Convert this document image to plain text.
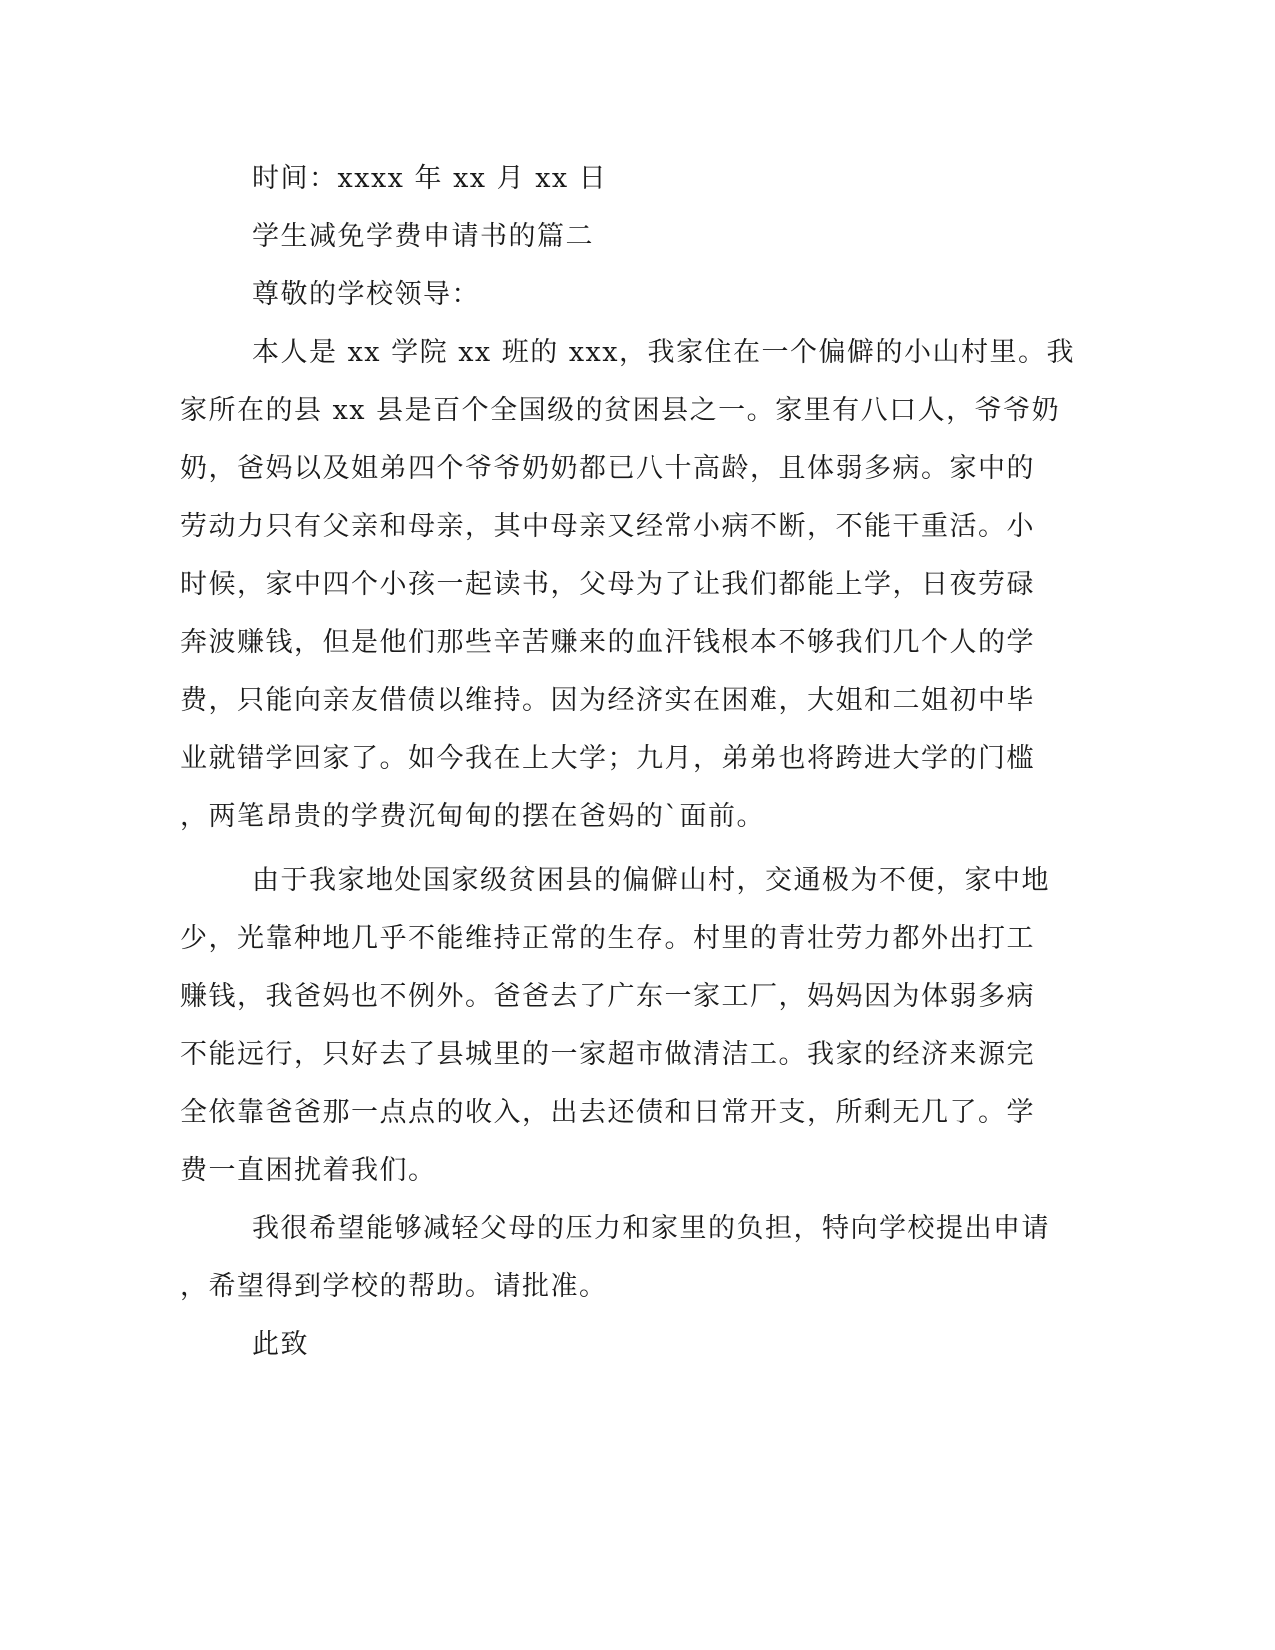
时间：xxxx 年 xx 月 xx 日
学生减免学费申请书的篇二
尊敬的学校领导：
本人是 xx 学院 xx 班的 xxx，我家住在一个偏僻的小山村里。我
家所在的县 xx 县是百个全国级的贫困县之一。家里有八口人，爷爷奶
奶，爸妈以及姐弟四个爷爷奶奶都已八十高龄，且体弱多病。家中的
劳动力只有父亲和母亲，其中母亲又经常小病不断，不能干重活。小
时候，家中四个小孩一起读书，父母为了让我们都能上学，日夜劳碌
奔波赚钱，但是他们那些辛苦赚来的血汗钱根本不够我们几个人的学
费，只能向亲友借债以维持。因为经济实在困难，大姐和二姐初中毕
业就错学回家了。如今我在上大学；九月，弟弟也将跨进大学的门槛
，两笔昂贵的学费沉甸甸的摆在爸妈的`面前。
由于我家地处国家级贫困县的偏僻山村，交通极为不便，家中地
少，光靠种地几乎不能维持正常的生存。村里的青壮劳力都外出打工
赚钱，我爸妈也不例外。爸爸去了广东一家工厂，妈妈因为体弱多病
不能远行，只好去了县城里的一家超市做清洁工。我家的经济来源完
全依靠爸爸那一点点的收入，出去还债和日常开支，所剩无几了。学
费一直困扰着我们。
我很希望能够减轻父母的压力和家里的负担，特向学校提出申请
，希望得到学校的帮助。请批准。
此致
